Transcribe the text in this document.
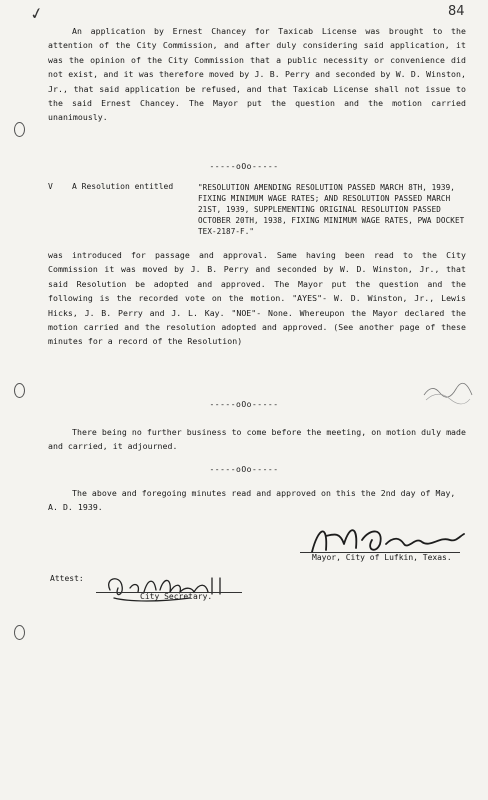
✓	84
An application by Ernest Chancey for Taxicab License was brought to the attention of the City Commission, and after duly considering said application, it was the opinion of the City Commission that a public necessity or convenience did not exist, and it was therefore moved by J. B. Perry and seconded by W. D. Winston, Jr., that said application be refused, and that Taxicab License shall not issue to the said Ernest Chancey. The Mayor put the question and the motion carried unanimously.
-----oOo-----
V A Resolution entitled	"RESOLUTION AMENDING RESOLUTION PASSED MARCH 8TH, 1939, FIXING MINIMUM WAGE RATES; AND RESOLUTION PASSED MARCH 21ST, 1939, SUPPLEMENTING ORIGINAL RESOLUTION PASSED OCTOBER 20TH, 1938, FIXING MINIMUM WAGE RATES, PWA DOCKET TEX-2187-F."
was introduced for passage and approval. Same having been read to the City Commission it was moved by J. B. Perry and seconded by W. D. Winston, Jr., that said Resolution be adopted and approved. The Mayor put the question and the following is the recorded vote on the motion. "AYES"- W. D. Winston, Jr., Lewis Hicks, J. B. Perry and J. L. Kay. "NOE"- None. Whereupon the Mayor declared the motion carried and the resolution adopted and approved. (See another page of these minutes for a record of the Resolution)
-----oOo-----
There being no further business to come before the meeting, on motion duly made and carried, it adjourned.
-----oOo-----
The above and foregoing minutes read and approved on this the 2nd day of May, A. D. 1939.
Mayor, City of Lufkin, Texas.
Attest:
City Secretary.
